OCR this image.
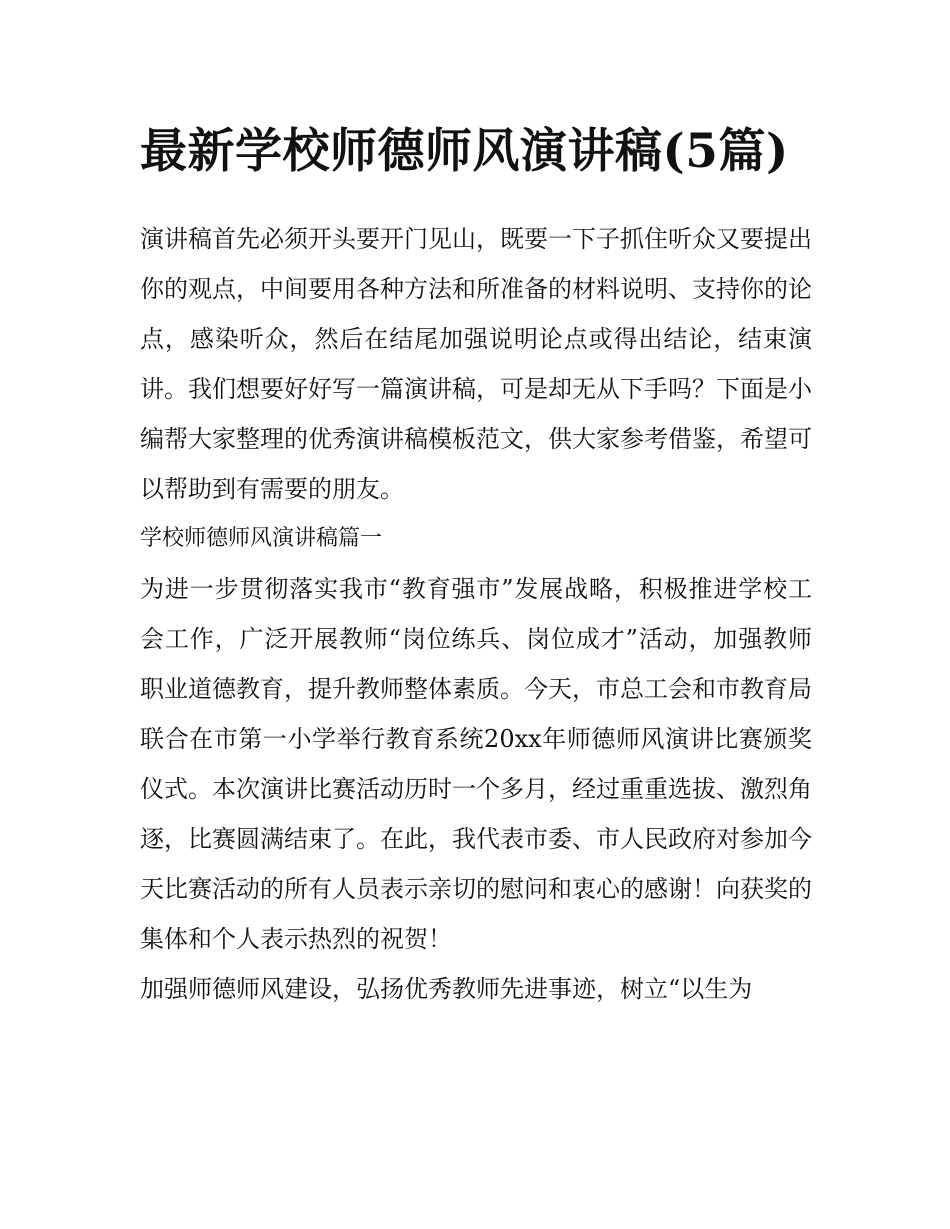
最新学校师德师风演讲稿(5篇)

演讲稿首先必须开头要开门见山，既要一下子抓住听众又要提出你的观点，中间要用各种方法和所准备的材料说明、支持你的论点，感染听众，然后在结尾加强说明论点或得出结论，结束演讲。我们想要好好写一篇演讲稿，可是却无从下手吗？下面是小编帮大家整理的优秀演讲稿模板范文，供大家参考借鉴，希望可以帮助到有需要的朋友。

学校师德师风演讲稿篇一

为进一步贯彻落实我市“教育强市”发展战略，积极推进学校工会工作，广泛开展教师“岗位练兵、岗位成才”活动，加强教师职业道德教育，提升教师整体素质。今天，市总工会和市教育局联合在市第一小学举行教育系统20xx年师德师风演讲比赛颁奖仪式。本次演讲比赛活动历时一个多月，经过重重选拔、激烈角逐，比赛圆满结束了。在此，我代表市委、市人民政府对参加今天比赛活动的所有人员表示亲切的慰问和衷心的感谢！向获奖的集体和个人表示热烈的祝贺！

加强师德师风建设，弘扬优秀教师先进事迹，树立“以生为
